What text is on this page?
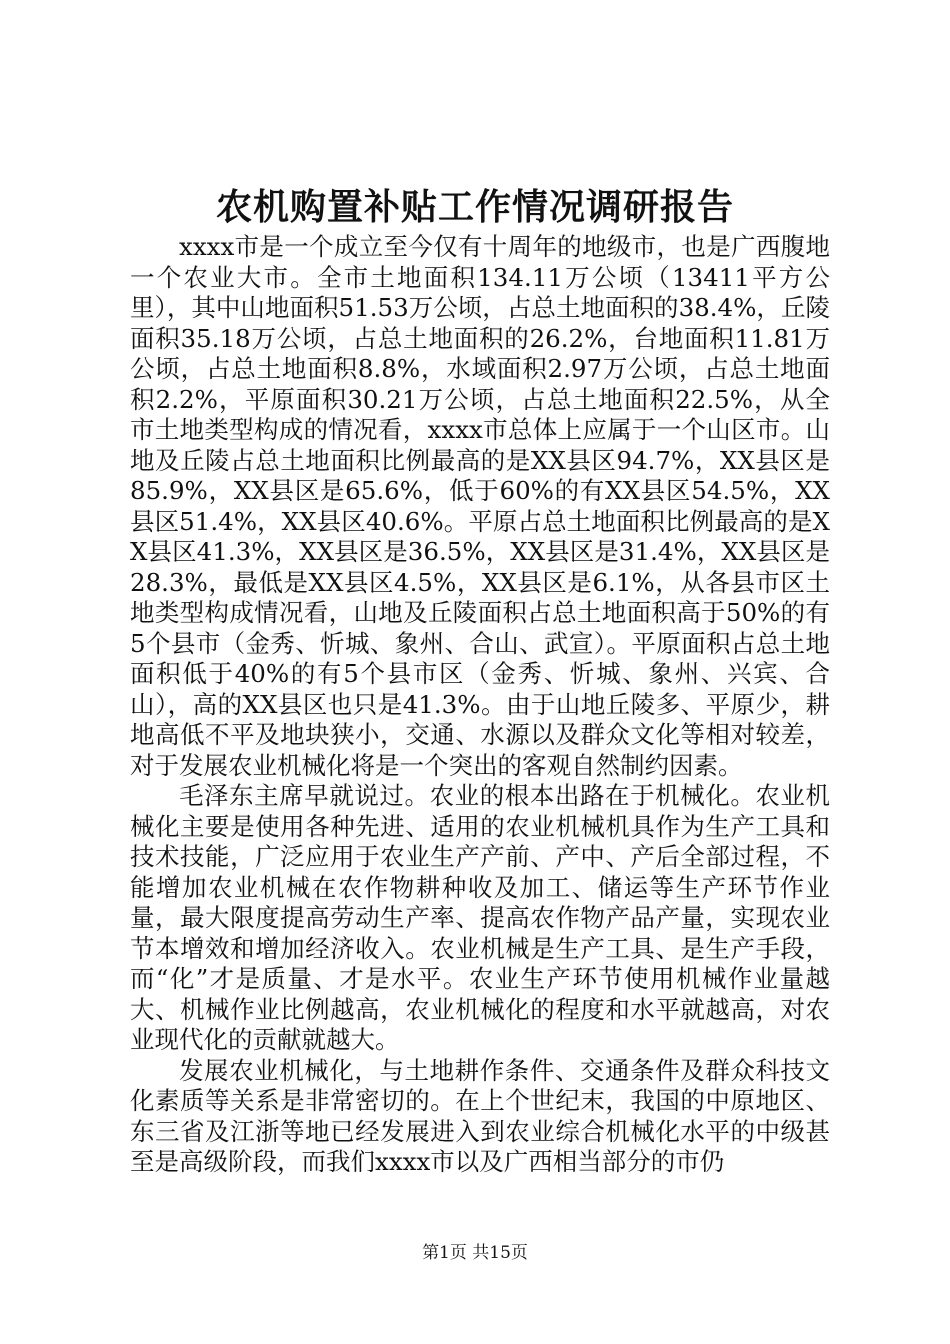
农机购置补贴工作情况调研报告

xxxx市是一个成立至今仅有十周年的地级市，也是广西腹地一个农业大市。全市土地面积134.11万公顷（13411平方公里），其中山地面积51.53万公顷，占总土地面积的38.4%，丘陵面积35.18万公顷，占总土地面积的26.2%，台地面积11.81万公顷，占总土地面积8.8%，水域面积2.97万公顷，占总土地面积2.2%，平原面积30.21万公顷，占总土地面积22.5%，从全市土地类型构成的情况看，xxxx市总体上应属于一个山区市。山地及丘陵占总土地面积比例最高的是XX县区94.7%，XX县区是85.9%，XX县区是65.6%，低于60%的有XX县区54.5%，XX县区51.4%，XX县区40.6%。平原占总土地面积比例最高的是XX县区41.3%，XX县区是36.5%，XX县区是31.4%，XX县区是28.3%，最低是XX县区4.5%，XX县区是6.1%，从各县市区土地类型构成情况看，山地及丘陵面积占总土地面积高于50%的有5个县市（金秀、忻城、象州、合山、武宣）。平原面积占总土地面积低于40%的有5个县市区（金秀、忻城、象州、兴宾、合山），高的XX县区也只是41.3%。由于山地丘陵多、平原少，耕地高低不平及地块狭小，交通、水源以及群众文化等相对较差，对于发展农业机械化将是一个突出的客观自然制约因素。

毛泽东主席早就说过。农业的根本出路在于机械化。农业机械化主要是使用各种先进、适用的农业机械机具作为生产工具和技术技能，广泛应用于农业生产产前、产中、产后全部过程，不能增加农业机械在农作物耕种收及加工、储运等生产环节作业量，最大限度提高劳动生产率、提高农作物产品产量，实现农业节本增效和增加经济收入。农业机械是生产工具、是生产手段，而“化”才是质量、才是水平。农业生产环节使用机械作业量越大、机械作业比例越高，农业机械化的程度和水平就越高，对农业现代化的贡献就越大。

发展农业机械化，与土地耕作条件、交通条件及群众科技文化素质等关系是非常密切的。在上个世纪末，我国的中原地区、东三省及江浙等地已经发展进入到农业综合机械化水平的中级甚至是高级阶段，而我们xxxx市以及广西相当部分的市仍

第1页 共15页
